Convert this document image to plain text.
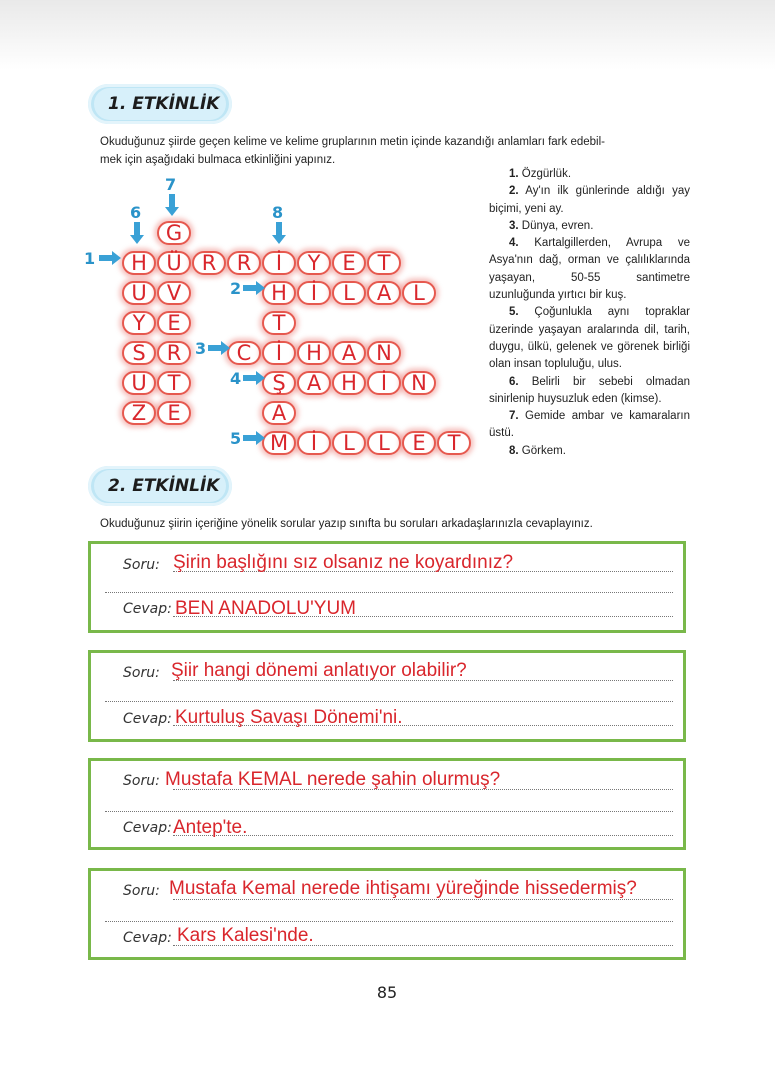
1. ETKİNLİK
Okuduğunuz şiirde geçen kelime ve kelime gruplarının metin içinde kazandığı anlamları fark edebil-
mek için aşağıdaki bulmaca etkinliğini yapınız.
G
H Ü R R	İ	Y	E	T
U V	H	İ	L	A	L
Y	E	T
S	R	C	İ	H A N
U T	Ş	A H	İ	N
Z	E	A
M	İ	L	L	E	T
1
2
3
4
5
6
7
8

1. Özgürlük.

2. Ay'ın ilk günlerinde aldığı yay biçimi, yeni ay.

3. Dünya, evren.

4. Kartalgillerden, Avrupa ve Asya'nın dağ, orman ve çalılıklarında yaşayan, 50-55 santimetre uzunluğunda yırtıcı bir kuş.

5. Çoğunlukla aynı topraklar üzerinde yaşayan aralarında dil, tarih, duygu, ülkü, gelenek ve görenek birliği olan insan topluluğu, ulus.

6. Belirli bir sebebi olmadan sinirlenip huysuzluk eden (kimse).

7. Gemide ambar ve kamaraların üstü.

8. Görkem.

2. ETKİNLİK
Okuduğunuz şiirin içeriğine yönelik sorular yazıp sınıfta bu soruları arkadaşlarınızla cevaplayınız.
Soru: Şirin başlığını sız olsanız ne koyardınız?
Cevap: BEN ANADOLU'YUM
Soru: Şiir hangi dönemi anlatıyor olabilir?
Cevap: Kurtuluş Savaşı Dönemi'ni.
Soru: Mustafa KEMAL nerede şahin olurmuş?
Cevap: Antep'te.
Soru: Mustafa Kemal nerede ihtişamı yüreğinde hissedermiş?
Cevap: Kars Kalesi'nde.
85
